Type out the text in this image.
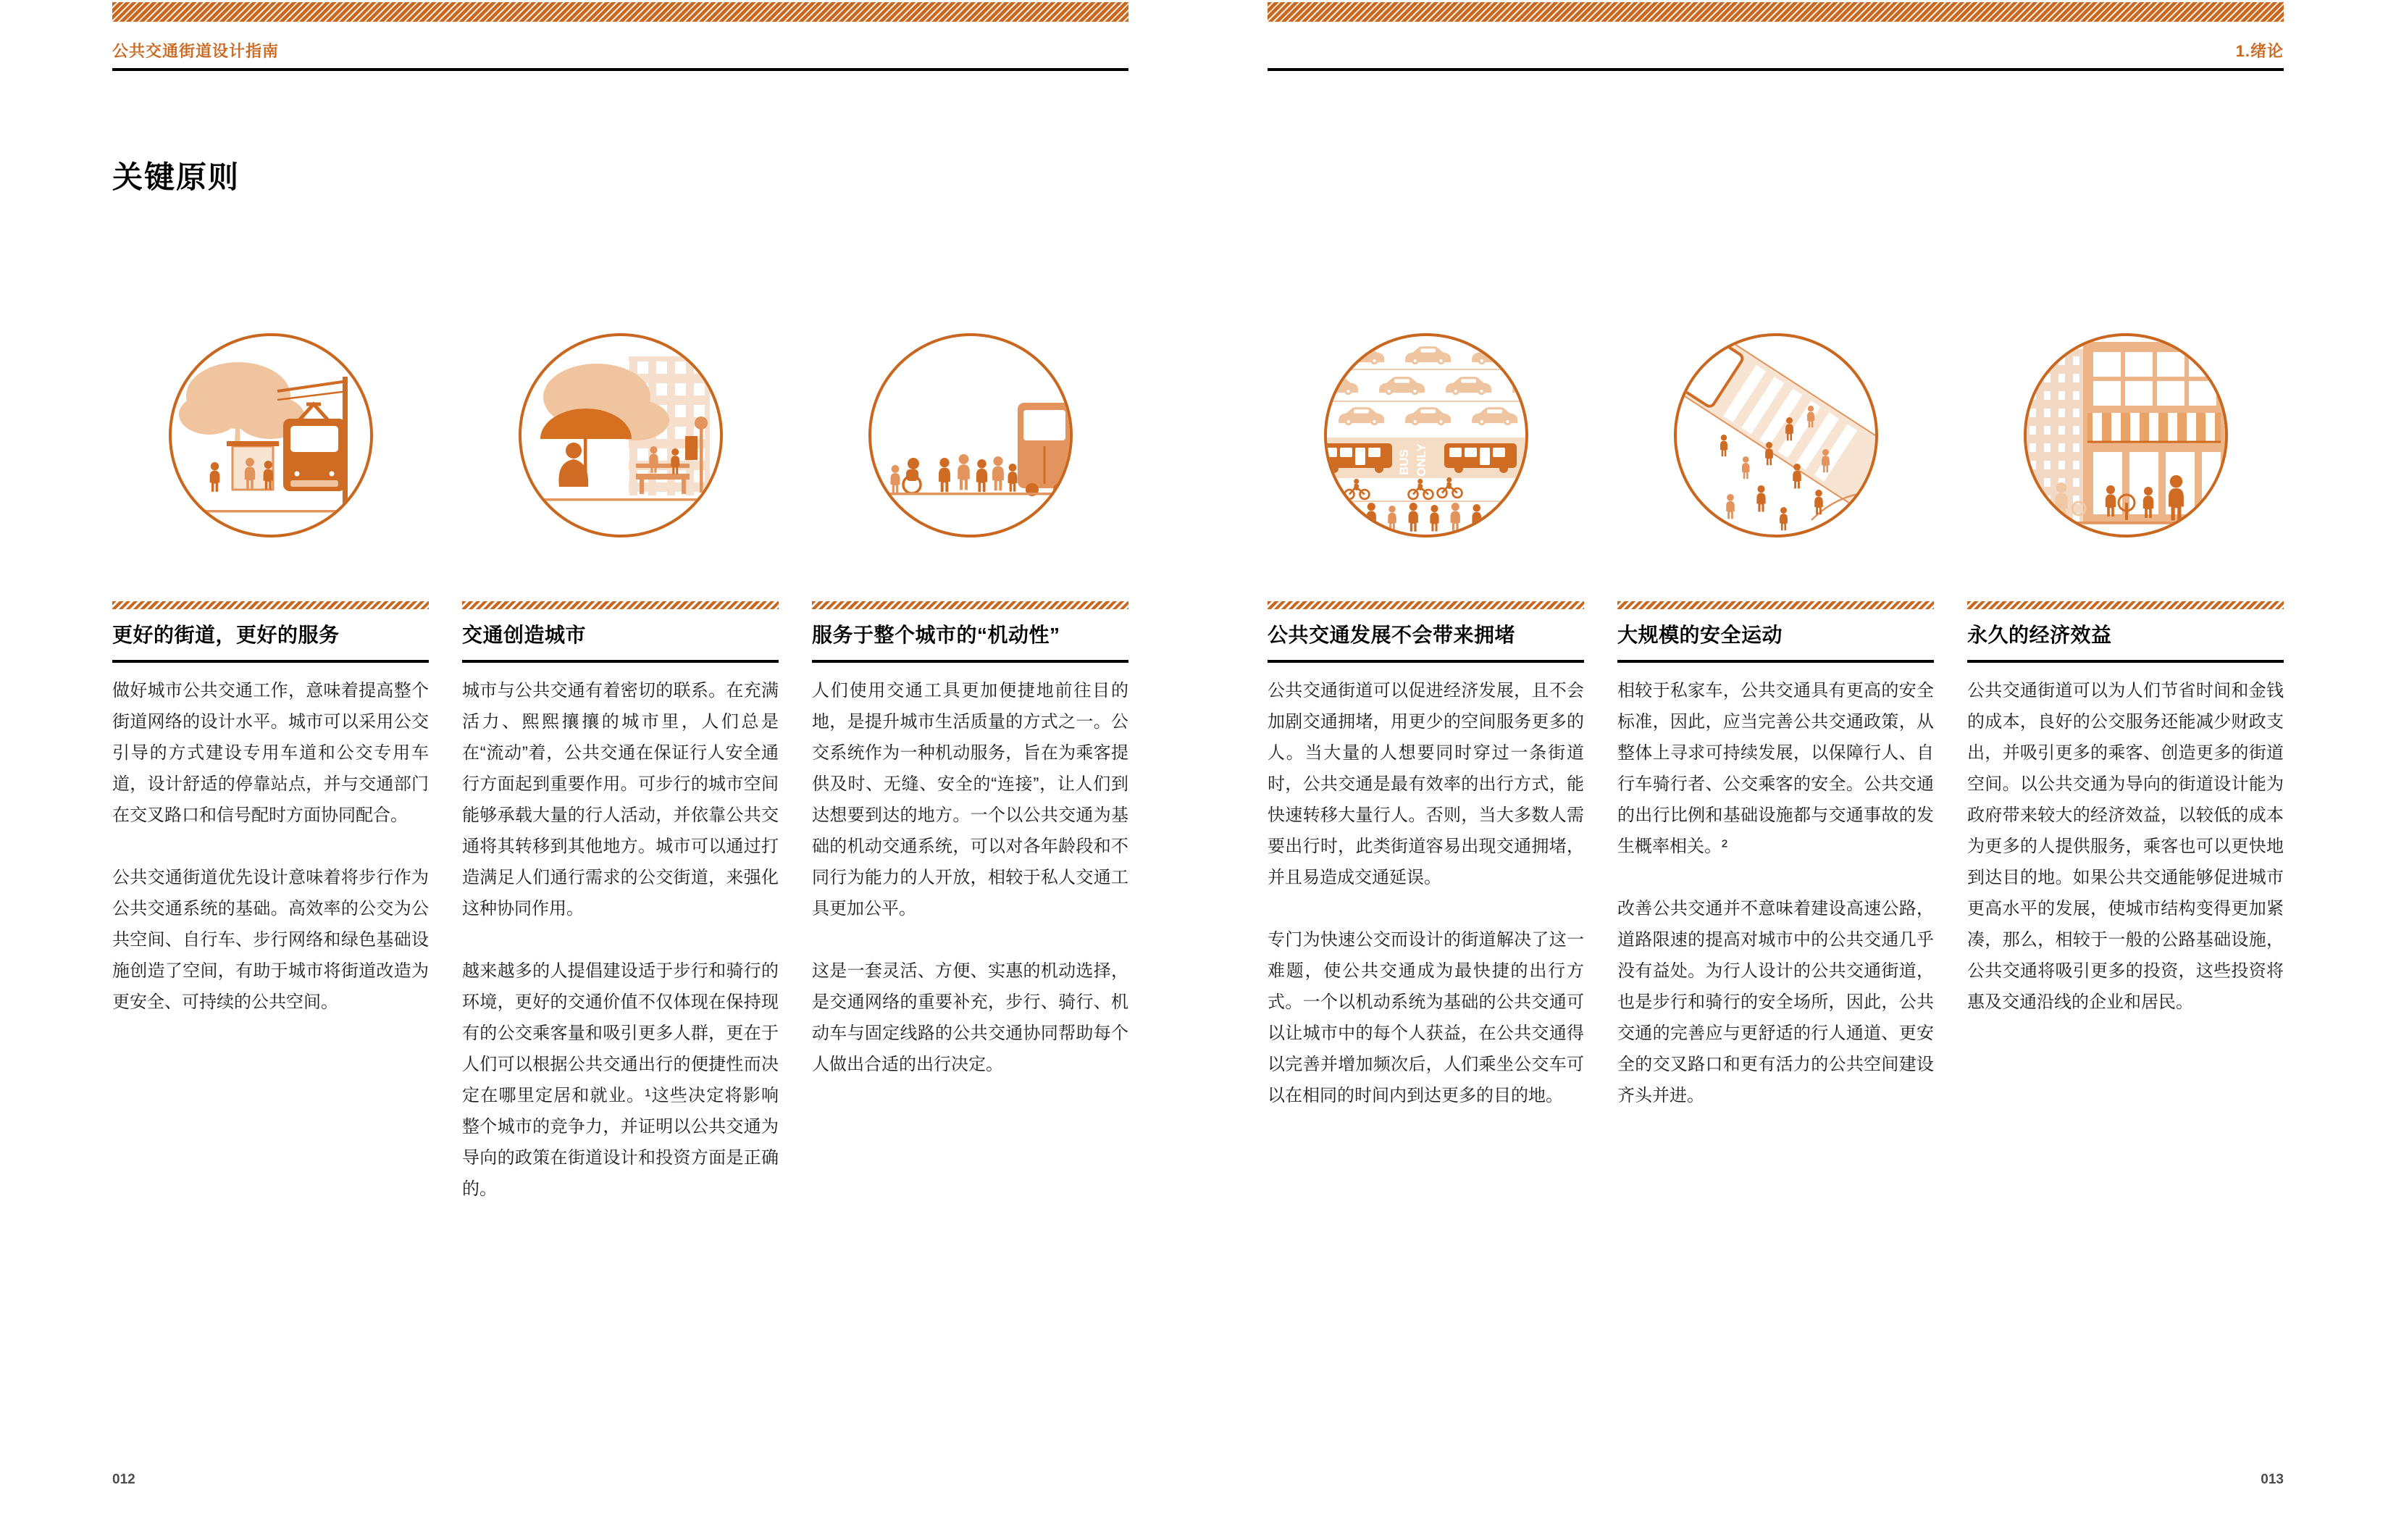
公共交通街道设计指南
关键原则
更好的街道，更好的服务

做好城市公共交通工作，意味着提高整个街道网络的设计水平。城市可以采用公交引导的方式建设专用车道和公交专用车道，设计舒适的停靠站点，并与交通部门在交叉路口和信号配时方面协同配合。

公共交通街道优先设计意味着将步行作为公共交通系统的基础。高效率的公交为公共空间、自行车、步行网络和绿色基础设施创造了空间，有助于城市将街道改造为更安全、可持续的公共空间。

交通创造城市

城市与公共交通有着密切的联系。在充满活力、熙熙攘攘的城市里，人们总是在“流动”着，公共交通在保证行人安全通行方面起到重要作用。可步行的城市空间能够承载大量的行人活动，并依靠公共交通将其转移到其他地方。城市可以通过打造满足人们通行需求的公交街道，来强化这种协同作用。

越来越多的人提倡建设适于步行和骑行的环境，更好的交通价值不仅体现在保持现有的公交乘客量和吸引更多人群，更在于人们可以根据公共交通出行的便捷性而决定在哪里定居和就业。¹这些决定将影响整个城市的竞争力，并证明以公共交通为导向的政策在街道设计和投资方面是正确的。

服务于整个城市的“机动性”

人们使用交通工具更加便捷地前往目的地，是提升城市生活质量的方式之一。公交系统作为一种机动服务，旨在为乘客提供及时、无缝、安全的“连接”，让人们到达想要到达的地方。一个以公共交通为基础的机动交通系统，可以对各年龄段和不同行为能力的人开放，相较于私人交通工具更加公平。

这是一套灵活、方便、实惠的机动选择，是交通网络的重要补充，步行、骑行、机动车与固定线路的公共交通协同帮助每个人做出合适的出行决定。

012
1.绪论
BUS ONLY
公共交通发展不会带来拥堵

公共交通街道可以促进经济发展，且不会加剧交通拥堵，用更少的空间服务更多的人。当大量的人想要同时穿过一条街道时，公共交通是最有效率的出行方式，能快速转移大量行人。否则，当大多数人需要出行时，此类街道容易出现交通拥堵，并且易造成交通延误。

专门为快速公交而设计的街道解决了这一难题，使公共交通成为最快捷的出行方式。一个以机动系统为基础的公共交通可以让城市中的每个人获益，在公共交通得以完善并增加频次后，人们乘坐公交车可以在相同的时间内到达更多的目的地。

大规模的安全运动

相较于私家车，公共交通具有更高的安全标准，因此，应当完善公共交通政策，从整体上寻求可持续发展，以保障行人、自行车骑行者、公交乘客的安全。公共交通的出行比例和基础设施都与交通事故的发生概率相关。²

改善公共交通并不意味着建设高速公路，道路限速的提高对城市中的公共交通几乎没有益处。为行人设计的公共交通街道，也是步行和骑行的安全场所，因此，公共交通的完善应与更舒适的行人通道、更安全的交叉路口和更有活力的公共空间建设齐头并进。

永久的经济效益

公共交通街道可以为人们节省时间和金钱的成本，良好的公交服务还能减少财政支出，并吸引更多的乘客、创造更多的街道空间。以公共交通为导向的街道设计能为政府带来较大的经济效益，以较低的成本为更多的人提供服务，乘客也可以更快地到达目的地。如果公共交通能够促进城市更高水平的发展，使城市结构变得更加紧凑，那么，相较于一般的公路基础设施，公共交通将吸引更多的投资，这些投资将惠及交通沿线的企业和居民。

013
